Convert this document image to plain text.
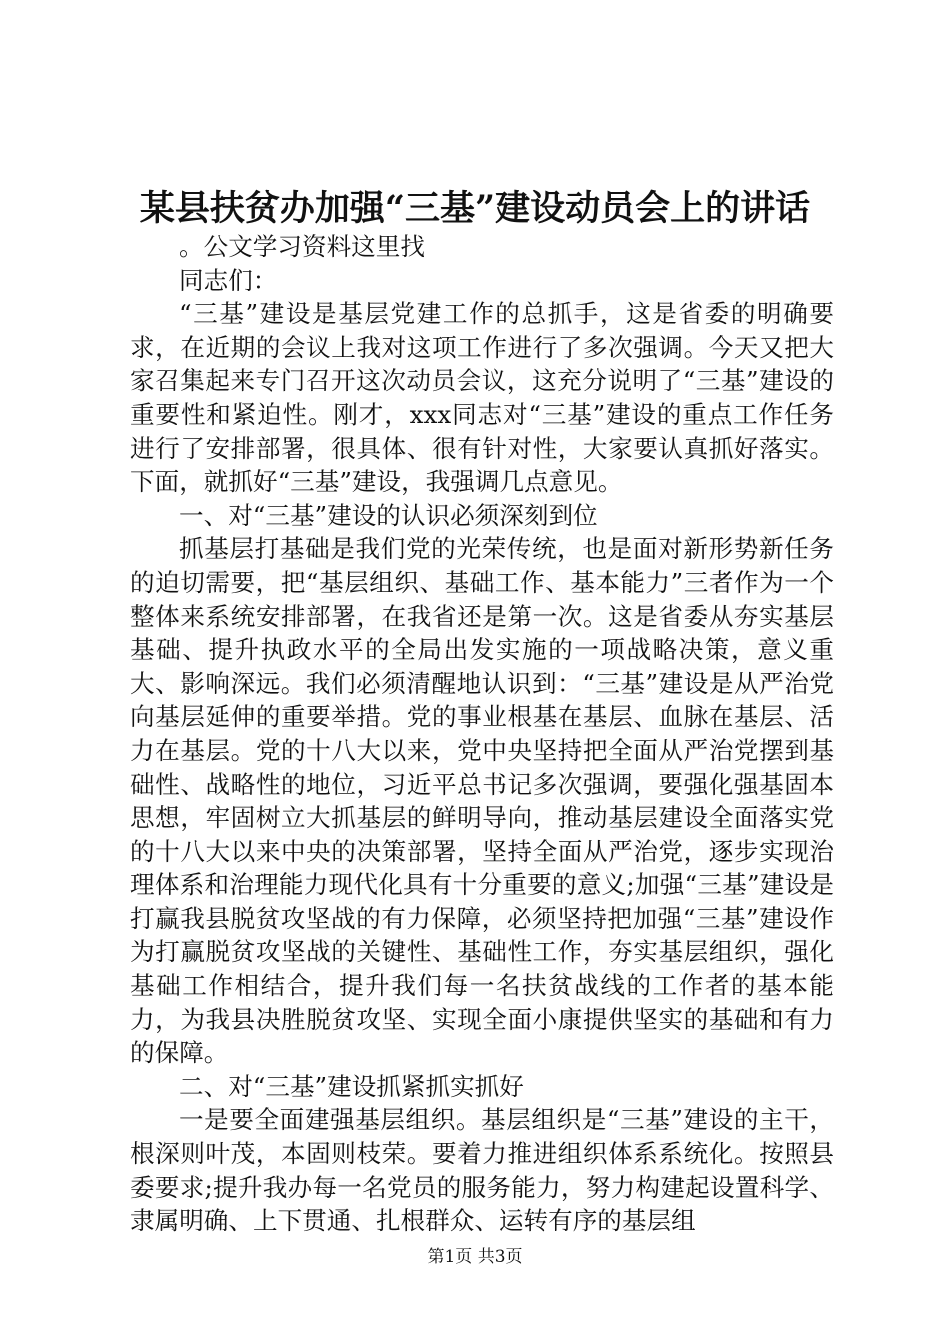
某县扶贫办加强“三基”建设动员会上的讲话

。公文学习资料这里找

同志们：

“三基”建设是基层党建工作的总抓手，这是省委的明确要求，在近期的会议上我对这项工作进行了多次强调。今天又把大家召集起来专门召开这次动员会议，这充分说明了“三基”建设的重要性和紧迫性。刚才，xxx同志对“三基”建设的重点工作任务进行了安排部署，很具体、很有针对性，大家要认真抓好落实。下面，就抓好“三基”建设，我强调几点意见。

一、对“三基”建设的认识必须深刻到位

抓基层打基础是我们党的光荣传统，也是面对新形势新任务的迫切需要，把“基层组织、基础工作、基本能力”三者作为一个整体来系统安排部署，在我省还是第一次。这是省委从夯实基层基础、提升执政水平的全局出发实施的一项战略决策，意义重大、影响深远。我们必须清醒地认识到：“三基”建设是从严治党向基层延伸的重要举措。党的事业根基在基层、血脉在基层、活力在基层。党的十八大以来，党中央坚持把全面从严治党摆到基础性、战略性的地位，习近平总书记多次强调，要强化强基固本思想，牢固树立大抓基层的鲜明导向，推动基层建设全面落实党的十八大以来中央的决策部署，坚持全面从严治党，逐步实现治理体系和治理能力现代化具有十分重要的意义;加强“三基”建设是打赢我县脱贫攻坚战的有力保障，必须坚持把加强“三基”建设作为打赢脱贫攻坚战的关键性、基础性工作，夯实基层组织，强化基础工作相结合，提升我们每一名扶贫战线的工作者的基本能力，为我县决胜脱贫攻坚、实现全面小康提供坚实的基础和有力的保障。

二、对“三基”建设抓紧抓实抓好

一是要全面建强基层组织。基层组织是“三基”建设的主干，根深则叶茂，本固则枝荣。要着力推进组织体系系统化。按照县委要求;提升我办每一名党员的服务能力，努力构建起设置科学、隶属明确、上下贯通、扎根群众、运转有序的基层组

第1页 共3页
